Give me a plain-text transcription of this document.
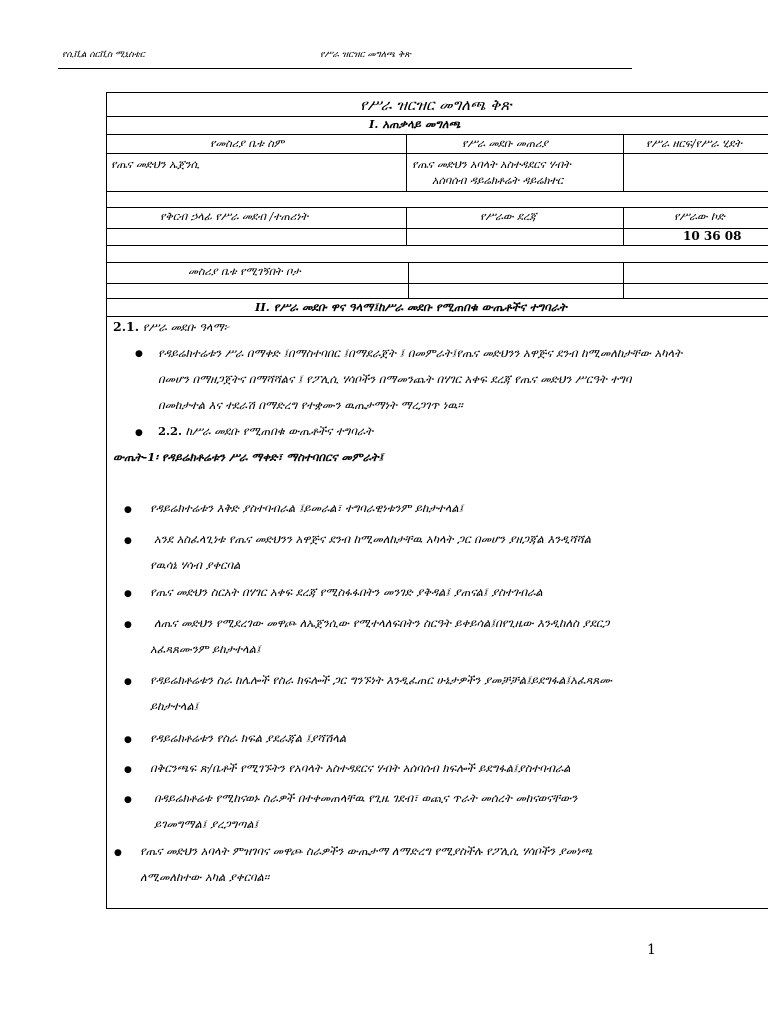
የሲቪል ሰርቪስ ሚኒስቴር	የሥራ ዝርዝር መግለጫ ቅጽ
የሥራ ዝርዝር መግለጫ ቅጽ
I. አጠቃላይ መግለጫ
የመስሪያ ቤቱ ስም	የሥራ መደቡ መጠሪያ	የሥራ ዘርፍ/የሥራ ሂደት
የጤና መድህን ኤጀንሲ	የጤና መድህን አባላት አስተዳደርና ሃብት
አሰባሰብ ዳይሬክቶሬት ዳይሬክተር
የቅርብ ኃላፊ የሥራ መደብ /ተጠሪነት	የሥራው ደረጃ	የሥራው ኮድ
10 36 08
መስሪያ ቤቱ የሚገኝበት ቦታ
II. የሥራ መደቡ ዋና ዓላማ፤ከሥራ መደቡ የሚጠበቁ ውጤቶችና ተግባራት
2.1. የሥራ መደቡ ዓላማ፦
● የዳይሬክተሬቱን ሥራ በማቀድ ፤በማስተባበር ፤በማደራጀት ፤ በመምራት፤የጤና መድህንን አዋጅና ደንብ ከሚመለከታቸው አካላት
በመሆን በማዘጋጀትና በማሻሻልና ፤ የፖሊሲ ሃሳቦችን በማመንጨት በሃገር አቀፍ ደረጃ የጤና መድህን ሥርዓት ተግባ
በመከታተል እና ተደራሽ በማድረግ የተቋሙን ዉጤታማነት ማረጋገጥ ነዉ፡፡
● 2.2. ከሥራ መደቡ የሚጠበቁ ውጤቶችና ተግባራት
ውጤት-1፡ የዳይሬክቶሬቱን ሥራ ማቀድ፣ ማስተባበርና መምራት፤
● የዳይሬክተሬቱን እቅድ ያስተባብራል ፤ይመራል፣ ተግባራዊነቱንም ይከታተላል፤
● አንደ አስፈላጊነቱ የጤና መድህንን አዋጅና ደንብ ከሚመለከታቸዉ አካላት ጋር በመሆን ያዘጋጃል እንዲሻሻል
የዉሳኔ ሃሳብ ያቀርባል
● የጤና መድህን ስርአት በሃገር አቀፍ ደረጃ የሚስፋፋበትን መንገድ ያቅዳል፤ ያጠናል፤ ያስተገብራል
● ለጤና መድህን የሚደረገው መዋጮ ለኤጀንሲው የሚተላለፍበትን ስርዓት ይቀይሳል፤በየጊዜው እንዲከለስ ያደርጋ
አፈጻጸሙንም ይከታተላል፤
● የዳይሬክቶሬቱን ስራ ከሌሎች የስራ ክፍሎች ጋር ግንኙነት እንዲፈጠር ሁኔታዎችን ያመቻቻል፤ይደግፋል፤አፈጻጸሙ
ይከታተላል፤
● የዳይሬክቶሬቱን የስራ ክፍል ያደራጃል ፤ያሻሽላል
● በቅርንጫፍ ጽ/ቤቶች የሚገኙትን የአባላት አስተዳደርና ሃብት አሰባሰብ ክፍሎች ይደግፋል፤ያስተባብራል
● በዳይሬክቶሬቱ የሚከናወኑ ስራዎች በተቀመጠላቸዉ የጊዜ ገደብ፣ ወጪና ጥራት መሰረት መከናወናቸውን
ይገመግማል፤ ያረጋግጣል፤
● የጤና መድህን አባላት ምዝገባና መዋጮ ስራዎችን ውጤታማ ለማድረግ የሚያስችሉ የፖሊሲ ሃሳቦችን ያመነጫ
ለሚመለከተው አካል ያቀርባል፡፡
1
